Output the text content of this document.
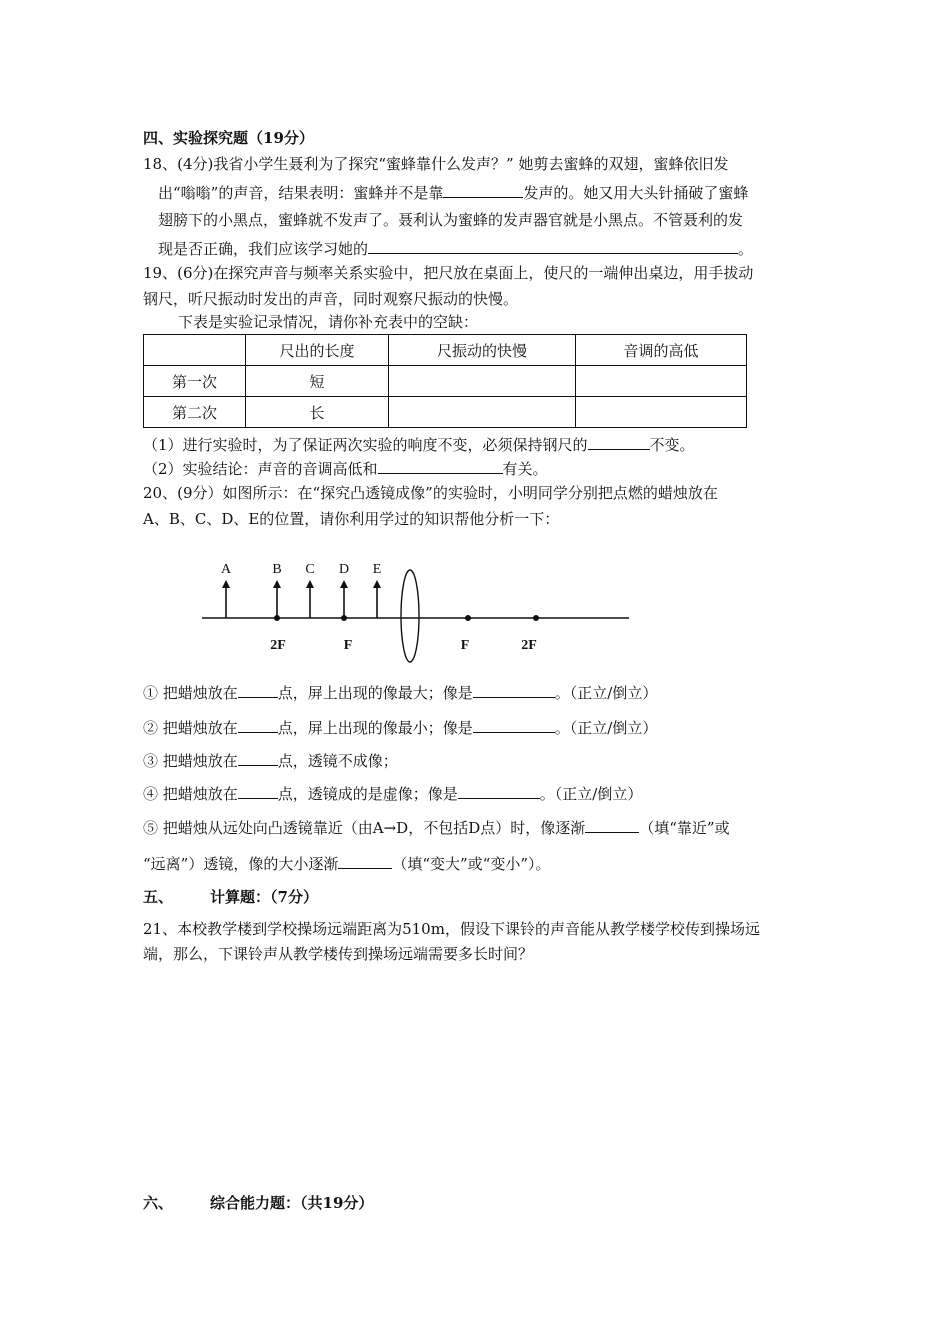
四、实验探究题（19分）
18、(4分)我省小学生聂利为了探究“蜜蜂靠什么发声？” 她剪去蜜蜂的双翅，蜜蜂依旧发
出“嗡嗡”的声音，结果表明：蜜蜂并不是靠	发声的。她又用大头针捅破了蜜蜂
翅膀下的小黑点，蜜蜂就不发声了。聂利认为蜜蜂的发声器官就是小黑点。不管聂利的发
现是否正确，我们应该学习她的	。
19、(6分)在探究声音与频率关系实验中，把尺放在桌面上，使尺的一端伸出桌边，用手拔动
钢尺，听尺振动时发出的声音，同时观察尺振动的快慢。
下表是实验记录情况，请你补充表中的空缺：
	尺出的长度	尺振动的快慢	音调的高低
第一次	短		
第二次	长		
（1）进行实验时，为了保证两次实验的响度不变，必须保持钢尺的	不变。
（2）实验结论：声音的音调高低和	有关。
20、(9分）如图所示：在“探究凸透镜成像”的实验时，小明同学分别把点燃的蜡烛放在
A、B、C、D、E的位置，请你利用学过的知识帮他分析一下：
A	B C D E
2F	F	F	2F
① 把蜡烛放在	点，屏上出现的像最大；像是	。（正立/倒立）
② 把蜡烛放在	点，屏上出现的像最小；像是	。（正立/倒立）
③ 把蜡烛放在	点，透镜不成像；
④ 把蜡烛放在	点，透镜成的是虚像；像是	。（正立/倒立）
⑤ 把蜡烛从远处向凸透镜靠近（由A→D，不包括D点）时，像逐渐	（填“靠近”或
“远离”）透镜，像的大小逐渐	（填“变大”或“变小”）。
五、 计算题：（7分）
21、本校教学楼到学校操场远端距离为510m，假设下课铃的声音能从教学楼学校传到操场远
端，那么，下课铃声从教学楼传到操场远端需要多长时间？
六、 综合能力题：（共19分）
